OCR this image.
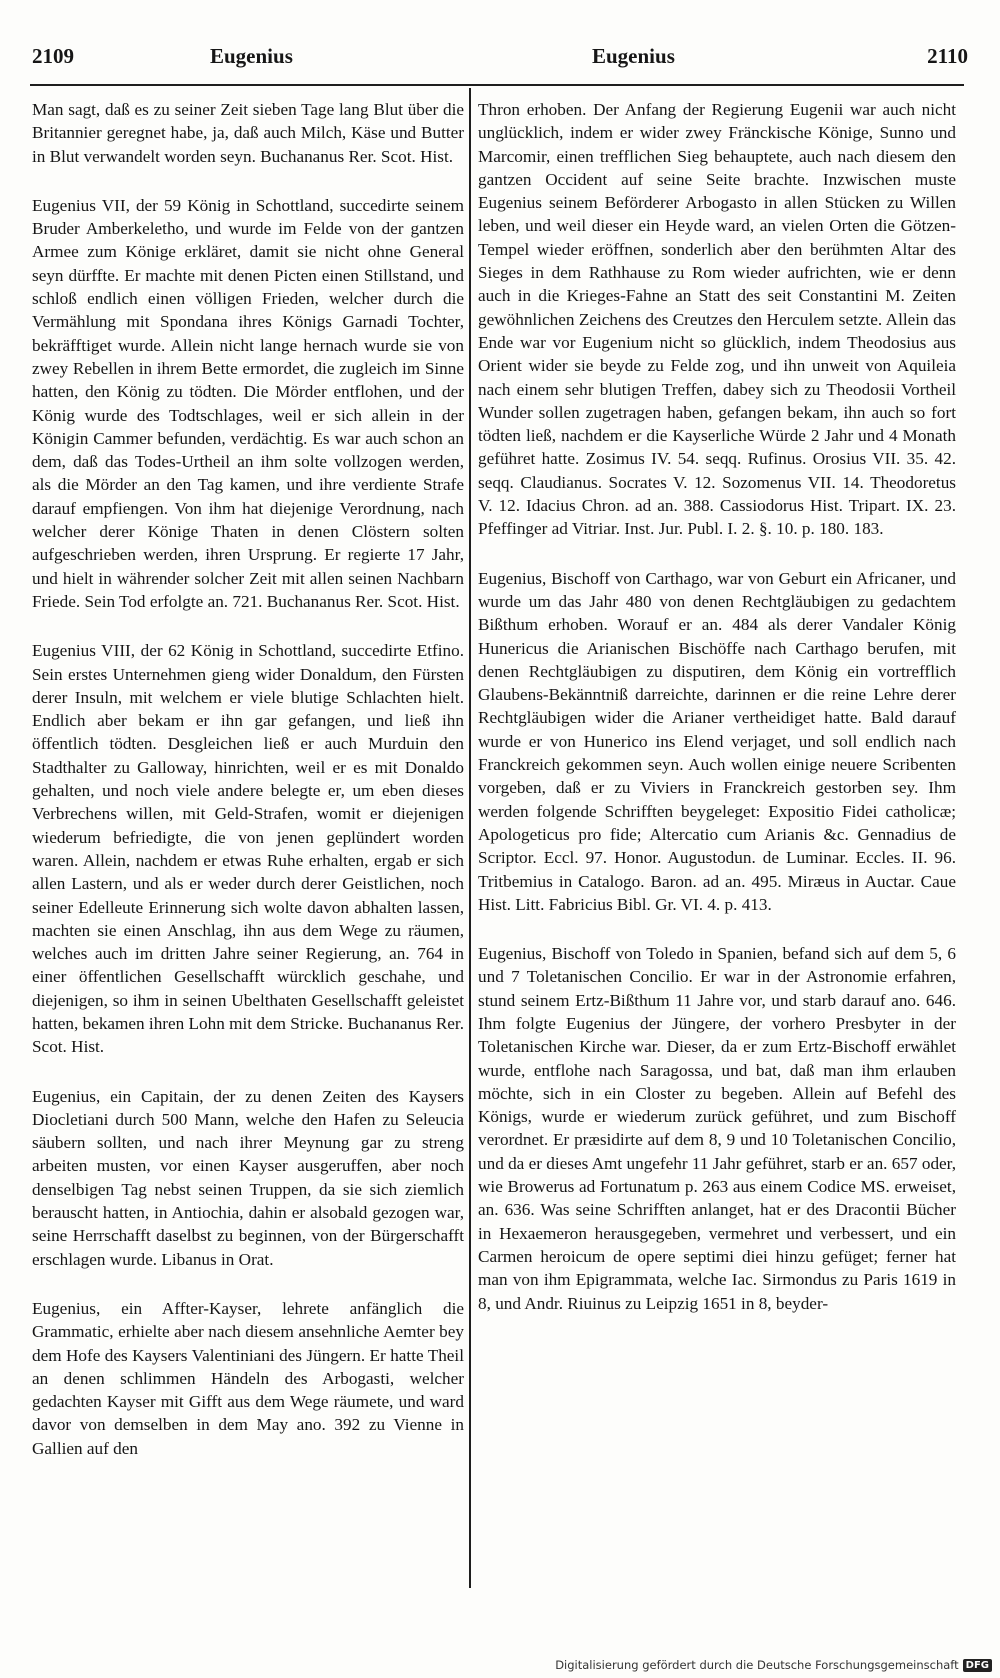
2109	Eugenius	Eugenius	2110

Man sagt, daß es zu seiner Zeit sieben Tage lang Blut über die Britannier geregnet habe, ja, daß auch Milch, Käse und Butter in Blut verwandelt worden seyn. Buchananus Rer. Scot. Hist.

Eugenius VII, der 59 König in Schottland, succedirte seinem Bruder Amberkeletho, und wurde im Felde von der gantzen Armee zum Könige erkläret, damit sie nicht ohne General seyn dürffte. Er machte mit denen Picten einen Stillstand, und schloß endlich einen völligen Frieden, welcher durch die Vermählung mit Spondana ihres Königs Garnadi Tochter, bekräfftiget wurde. Allein nicht lange hernach wurde sie von zwey Rebellen in ihrem Bette ermordet, die zugleich im Sinne hatten, den König zu tödten. Die Mörder entflohen, und der König wurde des Todtschlages, weil er sich allein in der Königin Cammer befunden, verdächtig. Es war auch schon an dem, daß das Todes-Urtheil an ihm solte vollzogen werden, als die Mörder an den Tag kamen, und ihre verdiente Strafe darauf empfiengen. Von ihm hat diejenige Verordnung, nach welcher derer Könige Thaten in denen Clöstern solten aufgeschrieben werden, ihren Ursprung. Er regierte 17 Jahr, und hielt in währender solcher Zeit mit allen seinen Nachbarn Friede. Sein Tod erfolgte an. 721. Buchananus Rer. Scot. Hist.

Eugenius VIII, der 62 König in Schottland, succedirte Etfino. Sein erstes Unternehmen gieng wider Donaldum, den Fürsten derer Insuln, mit welchem er viele blutige Schlachten hielt. Endlich aber bekam er ihn gar gefangen, und ließ ihn öffentlich tödten. Desgleichen ließ er auch Murduin den Stadthalter zu Galloway, hinrichten, weil er es mit Donaldo gehalten, und noch viele andere belegte er, um eben dieses Verbrechens willen, mit Geld-Strafen, womit er diejenigen wiederum befriedigte, die von jenen geplündert worden waren. Allein, nachdem er etwas Ruhe erhalten, ergab er sich allen Lastern, und als er weder durch derer Geistlichen, noch seiner Edelleute Erinnerung sich wolte davon abhalten lassen, machten sie einen Anschlag, ihn aus dem Wege zu räumen, welches auch im dritten Jahre seiner Regierung, an. 764 in einer öffentlichen Gesellschafft würcklich geschahe, und diejenigen, so ihm in seinen Ubelthaten Gesellschafft geleistet hatten, bekamen ihren Lohn mit dem Stricke. Buchananus Rer. Scot. Hist.

Eugenius, ein Capitain, der zu denen Zeiten des Kaysers Diocletiani durch 500 Mann, welche den Hafen zu Seleucia säubern sollten, und nach ihrer Meynung gar zu streng arbeiten musten, vor einen Kayser ausgeruffen, aber noch denselbigen Tag nebst seinen Truppen, da sie sich ziemlich berauscht hatten, in Antiochia, dahin er alsobald gezogen war, seine Herrschafft daselbst zu beginnen, von der Bürgerschafft erschlagen wurde. Libanus in Orat.

Eugenius, ein Affter-Kayser, lehrete anfänglich die Grammatic, erhielte aber nach diesem ansehnliche Aemter bey dem Hofe des Kaysers Valentiniani des Jüngern. Er hatte Theil an denen schlimmen Händeln des Arbogasti, welcher gedachten Kayser mit Gifft aus dem Wege räumete, und ward davor von demselben in dem May ano. 392 zu Vienne in Gallien auf den

Thron erhoben. Der Anfang der Regierung Eugenii war auch nicht unglücklich, indem er wider zwey Fränckische Könige, Sunno und Marcomir, einen trefflichen Sieg behauptete, auch nach diesem den gantzen Occident auf seine Seite brachte. Inzwischen muste Eugenius seinem Beförderer Arbogasto in allen Stücken zu Willen leben, und weil dieser ein Heyde ward, an vielen Orten die Götzen-Tempel wieder eröffnen, sonderlich aber den berühmten Altar des Sieges in dem Rathhause zu Rom wieder aufrichten, wie er denn auch in die Krieges-Fahne an Statt des seit Constantini M. Zeiten gewöhnlichen Zeichens des Creutzes den Herculem setzte. Allein das Ende war vor Eugenium nicht so glücklich, indem Theodosius aus Orient wider sie beyde zu Felde zog, und ihn unweit von Aquileia nach einem sehr blutigen Treffen, dabey sich zu Theodosii Vortheil Wunder sollen zugetragen haben, gefangen bekam, ihn auch so fort tödten ließ, nachdem er die Kayserliche Würde 2 Jahr und 4 Monath geführet hatte. Zosimus IV. 54. seqq. Rufinus. Orosius VII. 35. 42. seqq. Claudianus. Socrates V. 12. Sozomenus VII. 14. Theodoretus V. 12. Idacius Chron. ad an. 388. Cassiodorus Hist. Tripart. IX. 23. Pfeffinger ad Vitriar. Inst. Jur. Publ. I. 2. §. 10. p. 180. 183.

Eugenius, Bischoff von Carthago, war von Geburt ein Africaner, und wurde um das Jahr 480 von denen Rechtgläubigen zu gedachtem Bißthum erhoben. Worauf er an. 484 als derer Vandaler König Hunericus die Arianischen Bischöffe nach Carthago berufen, mit denen Rechtgläubigen zu disputiren, dem König ein vortrefflich Glaubens-Bekänntniß darreichte, darinnen er die reine Lehre derer Rechtgläubigen wider die Arianer vertheidiget hatte. Bald darauf wurde er von Hunerico ins Elend verjaget, und soll endlich nach Franckreich gekommen seyn. Auch wollen einige neuere Scribenten vorgeben, daß er zu Viviers in Franckreich gestorben sey. Ihm werden folgende Schrifften beygeleget: Expositio Fidei catholicæ; Apologeticus pro fide; Altercatio cum Arianis &c. Gennadius de Scriptor. Eccl. 97. Honor. Augustodun. de Luminar. Eccles. II. 96. Tritbemius in Catalogo. Baron. ad an. 495. Miræus in Auctar. Caue Hist. Litt. Fabricius Bibl. Gr. VI. 4. p. 413.

Eugenius, Bischoff von Toledo in Spanien, befand sich auf dem 5, 6 und 7 Toletanischen Concilio. Er war in der Astronomie erfahren, stund seinem Ertz-Bißthum 11 Jahre vor, und starb darauf ano. 646. Ihm folgte Eugenius der Jüngere, der vorhero Presbyter in der Toletanischen Kirche war. Dieser, da er zum Ertz-Bischoff erwählet wurde, entflohe nach Saragossa, und bat, daß man ihm erlauben möchte, sich in ein Closter zu begeben. Allein auf Befehl des Königs, wurde er wiederum zurück geführet, und zum Bischoff verordnet. Er præsidirte auf dem 8, 9 und 10 Toletanischen Concilio, und da er dieses Amt ungefehr 11 Jahr geführet, starb er an. 657 oder, wie Browerus ad Fortunatum p. 263 aus einem Codice MS. erweiset, an. 636. Was seine Schrifften anlanget, hat er des Dracontii Bücher in Hexaemeron herausgegeben, vermehret und verbessert, und ein Carmen heroicum de opere septimi diei hinzu gefüget; ferner hat man von ihm Epigrammata, welche Iac. Sirmondus zu Paris 1619 in 8, und Andr. Riuinus zu Leipzig 1651 in 8, beyder-

Digitalisierung gefördert durch die Deutsche Forschungsgemeinschaft DFG
